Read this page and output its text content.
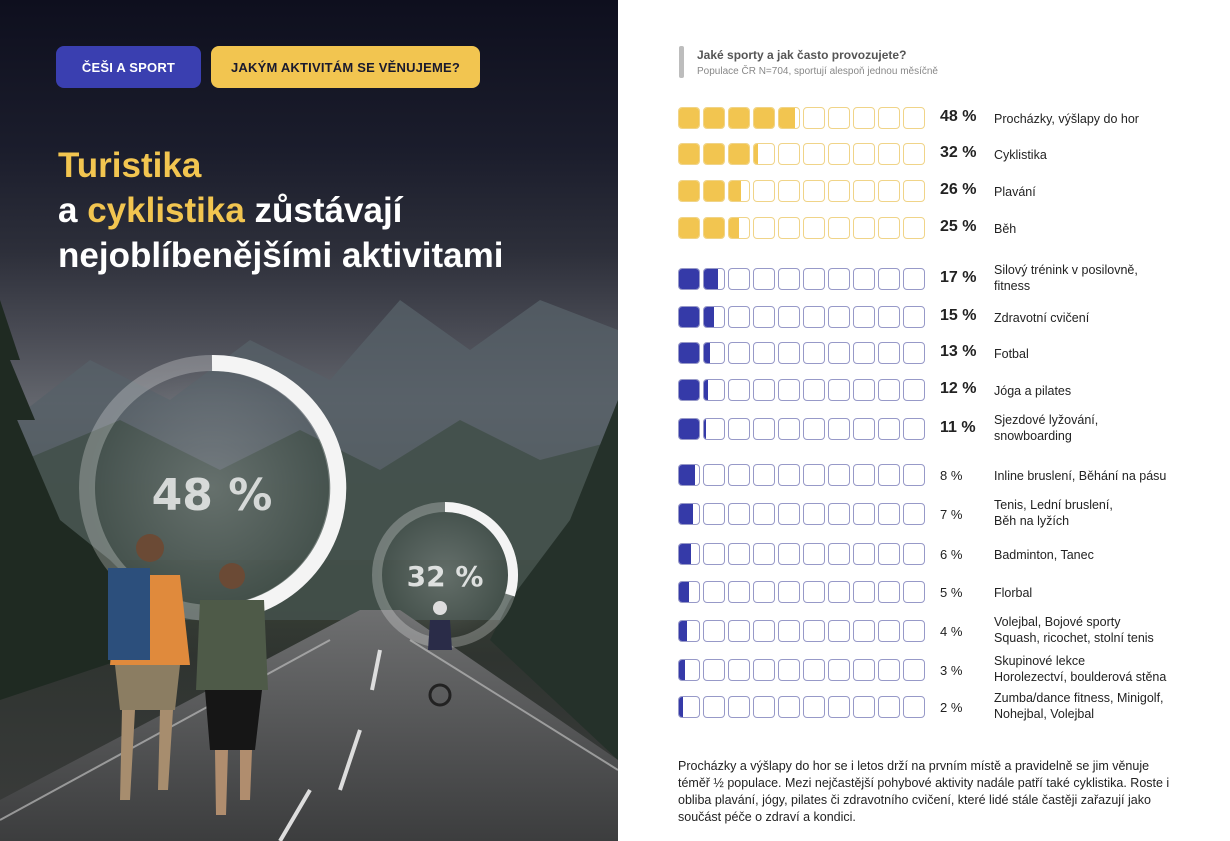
48 %
32 %
ČEŠI A SPORT	JAKÝM AKTIVITÁM SE VĚNUJEME?
Turistika
a cyklistika zůstávají
nejoblíbenějšími aktivitami
Jaké sporty a jak často provozujete?
Populace ČR N=704, sportují alespoň jednou měsíčně
48 % Procházky, výšlapy do hor
32 % Cyklistika
26 % Plavání
25 % Běh
17 % Silový trénink v posilovně,
fitness
15 % Zdravotní cvičení
13 % Fotbal
12 % Jóga a pilates
11 % Sjezdové lyžování,
snowboarding
8 %	Inline bruslení, Běhání na pásu
7 %
Tenis, Lední bruslení,
Běh na lyžích
6 %	Badminton, Tanec
5 %	Florbal
4 %
Volejbal, Bojové sporty
Squash, ricochet, stolní tenis
3 %
Skupinové lekce
Horolezectví, boulderová stěna
2 %
Zumba/dance fitness, Minigolf,
Nohejbal, Volejbal
Procházky a výšlapy do hor se i letos drží na prvním místě a pravidelně se jim věnuje téměř ½ populace. Mezi nejčastější pohybové aktivity nadále patří také cyklistika. Roste i obliba plavání, jógy, pilates či zdravotního cvičení, které lidé stále častěji zařazují jako součást péče o zdraví a kondici.
